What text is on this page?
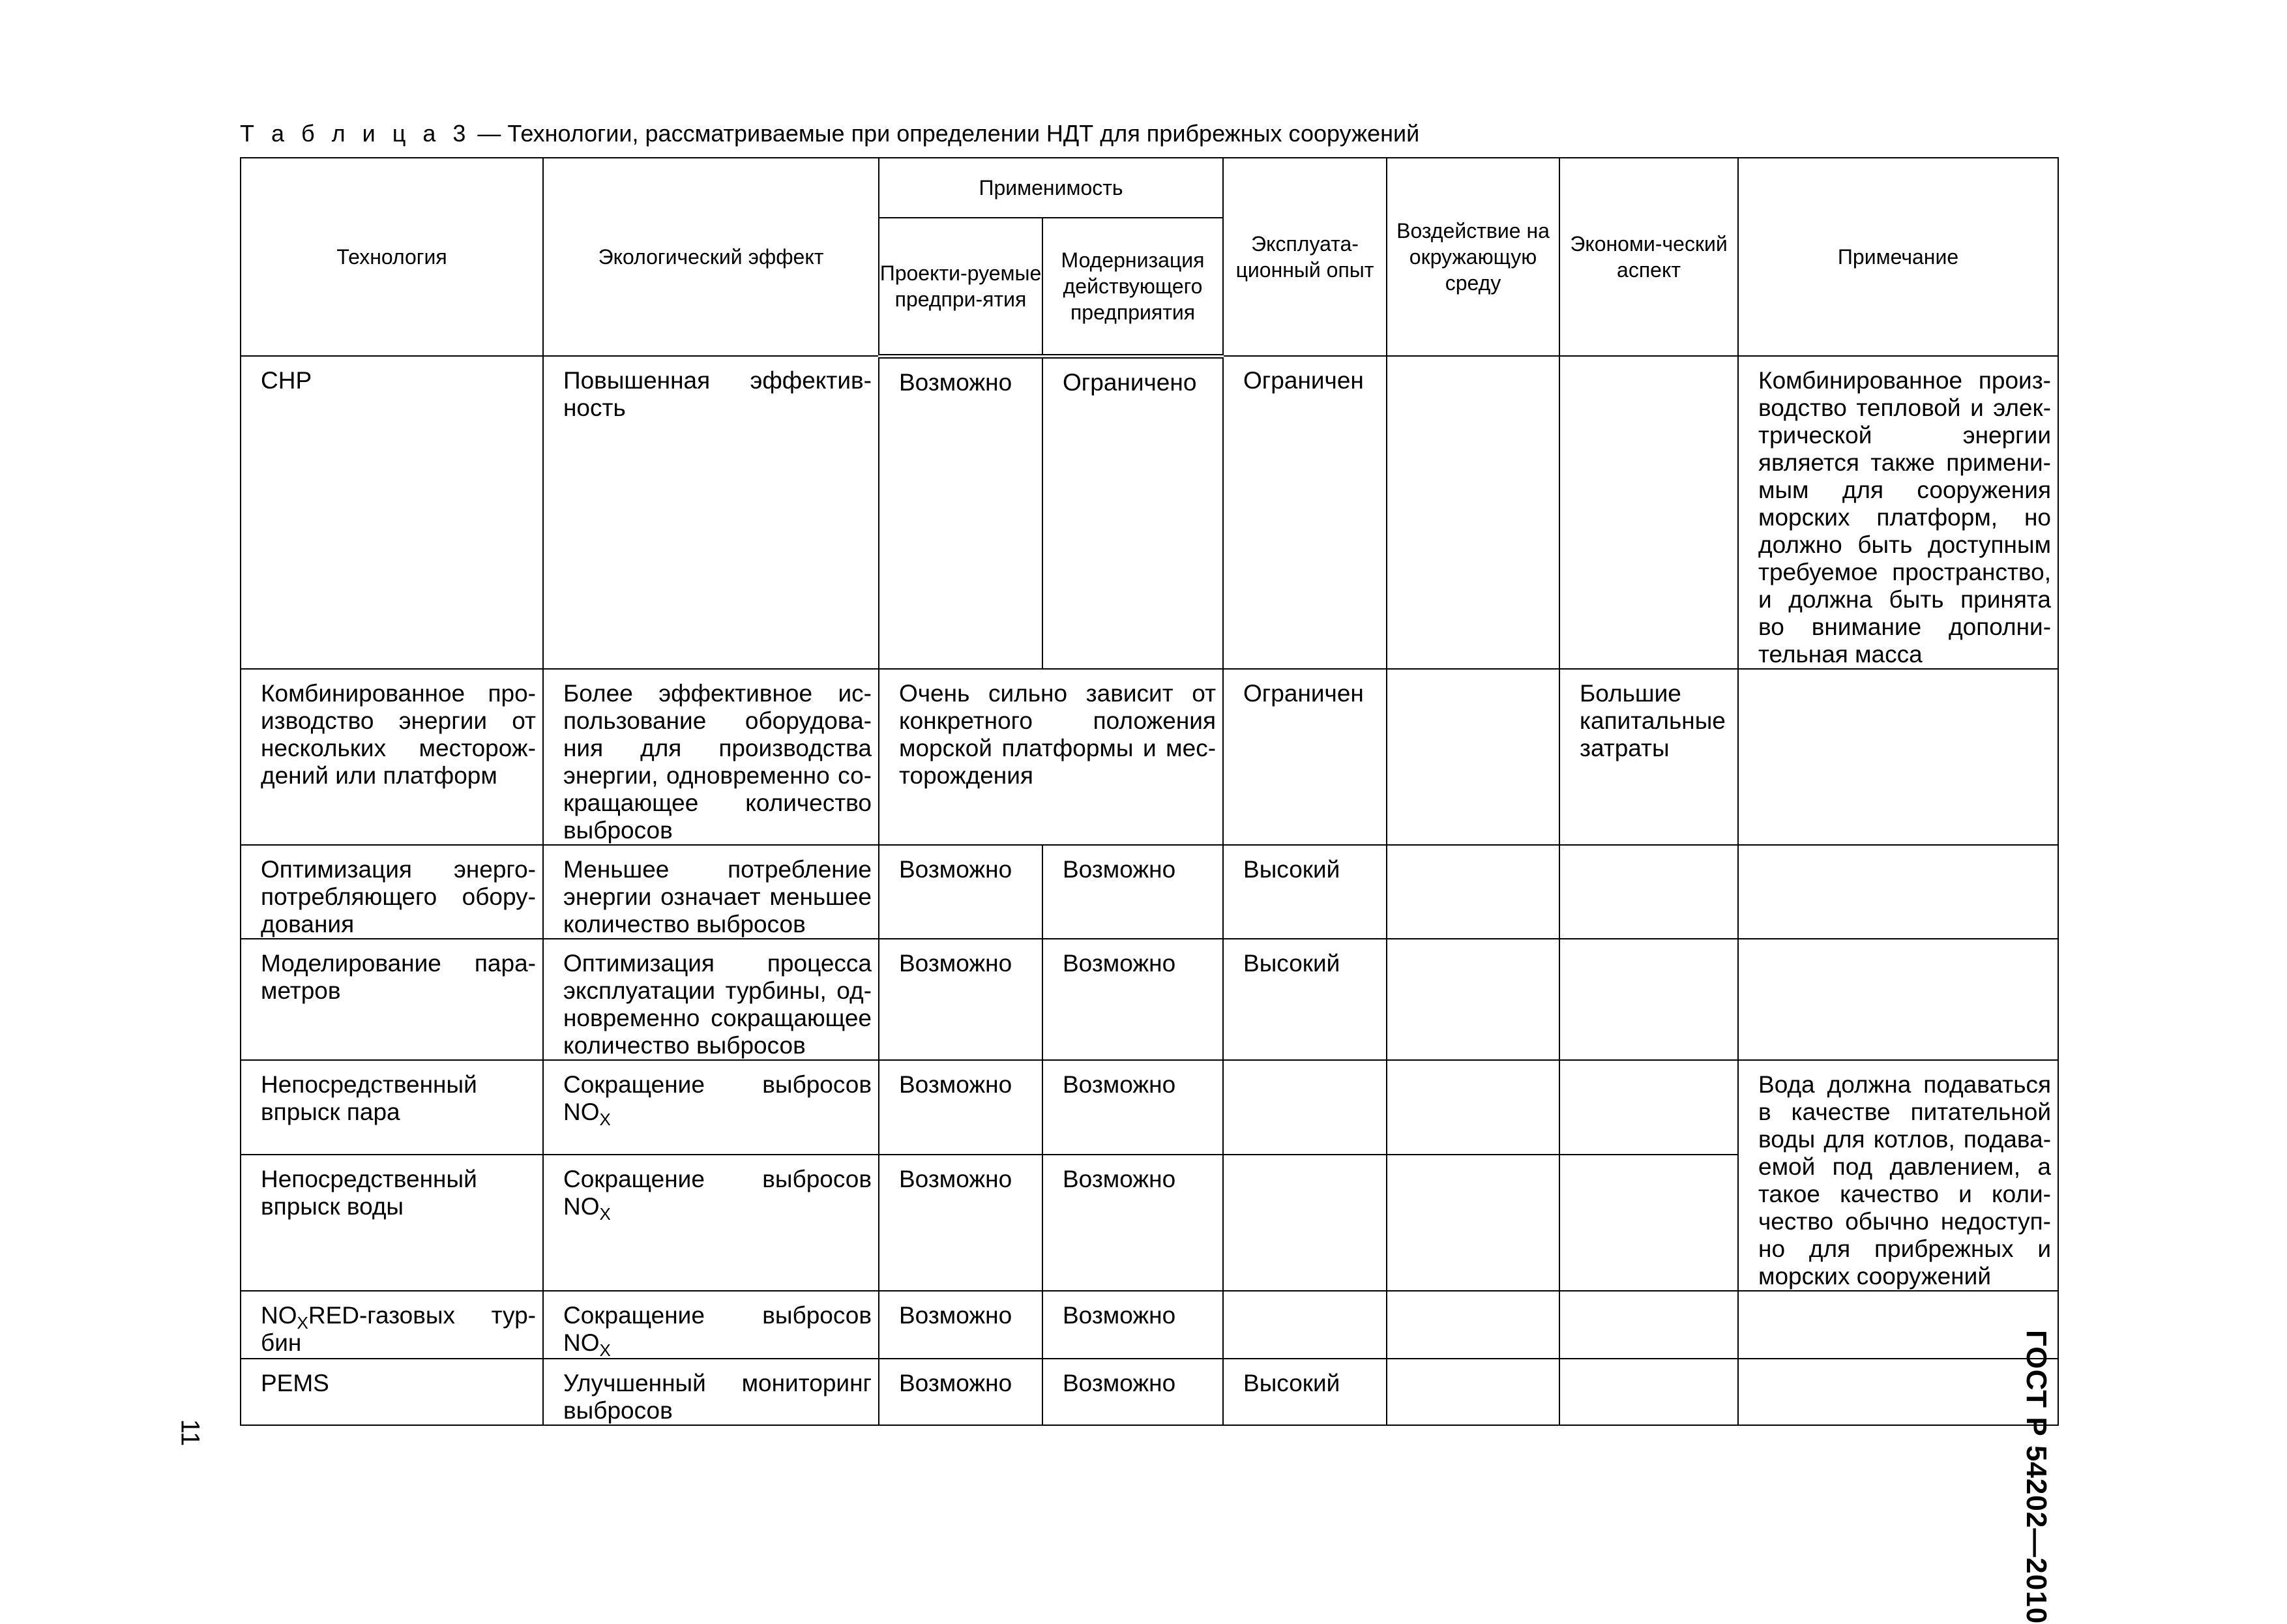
Т а б л и ц а 3 — Технологии, рассматриваемые при определении НДТ для прибрежных сооружений
Технология	Экологический эффект	Применимость		Эксплуата-ционный опыт	Воздействие на окружающую среду	Экономи-ческий аспект	Примечание
		Проекти-руемые предпри-ятия	Модернизация действующего предприятия				
CHP	Повышенная эффектив-ность	Возможно	Ограничено	Ограничен			Комбинированное произ-водство тепловой и элек-трической энергии является также примени-мым для сооружения морских платформ, но должно быть доступным требуемое пространство, и должна быть принята во внимание дополни-тельная масса
Комбинированное про-изводство энергии от нескольких месторож-дений или платформ	Более эффективное ис-пользование оборудова-ния для производства энергии, одновременно со-кращающее количество выбросов	Очень сильно зависит от конкретного положения морской платформы и мес-торождения		Ограничен		Большие капитальные затраты	
Оптимизация энерго-потребляющего обору-дования	Меньшее потребление энергии означает меньшее количество выбросов	Возможно	Возможно	Высокий			
Моделирование пара-метров	Оптимизация процесса эксплуатации турбины, од-новременно сокращающее количество выбросов	Возможно	Возможно	Высокий			
Непосредственный впрыск пара	Сокращение выбросов $NO_X$	Возможно	Возможно				Вода должна подаваться в качестве питательной воды для котлов, подава-емой под давлением, а такое качество и коли-чество обычно недоступ-но для прибрежных и морских сооружений
Непосредственный впрыск воды	Сокращение выбросов $NO_X$	Возможно	Возможно				
$NO_XRED$-газовых тур-бин	Сокращение выбросов $NO_X$	Возможно	Возможно				
PEMS	Улучшенный мониторинг выбросов	Возможно	Возможно	Высокий			
11	ГОСТ Р 54202—2010
